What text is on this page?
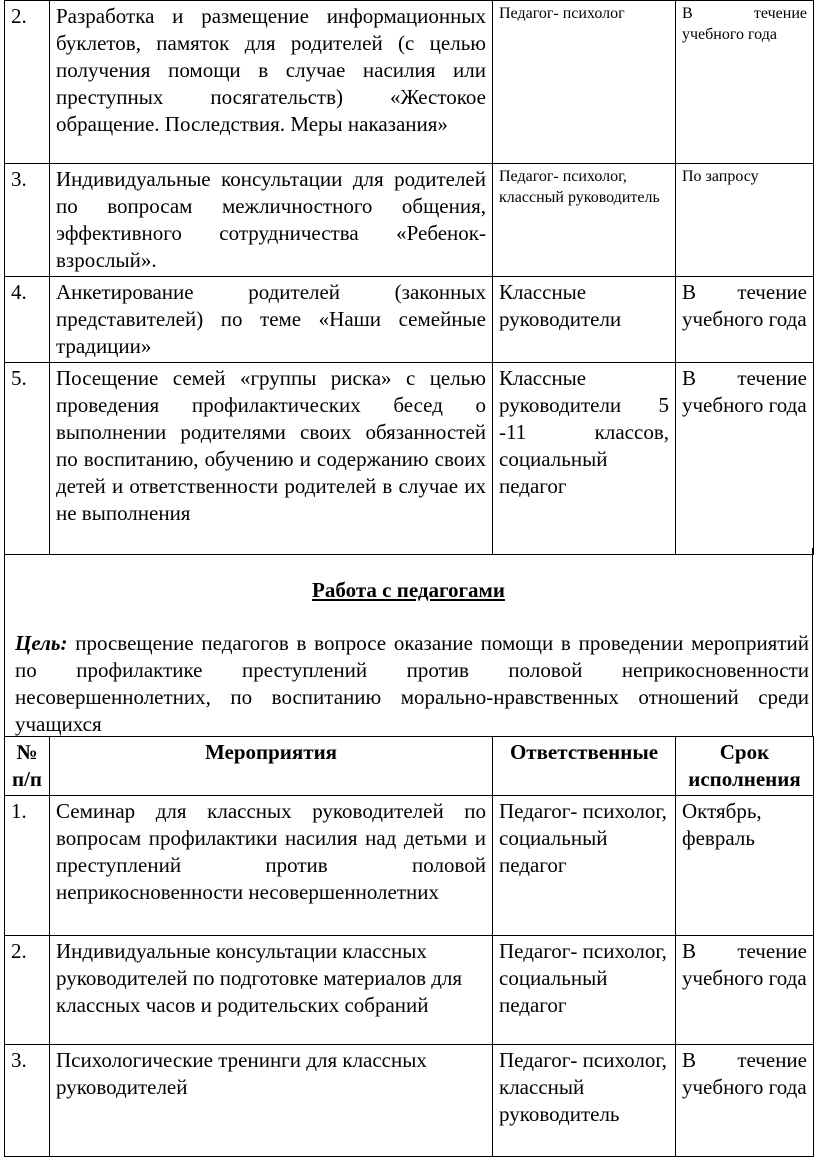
2.	Разработка и размещение информационных буклетов, памяток для родителей (с целью получения помощи в случае насилия или преступных посягательств) «Жестокое обращение. Последствия. Меры наказания»	Педагог- психолог	В течение учебного года
3.	Индивидуальные консультации для родителей по вопросам межличностного общения, эффективного сотрудничества «Ребенок-взрослый».	Педагог- психолог, классный руководитель	По запросу
4.	Анкетирование родителей (законных представителей) по теме «Наши семейные традиции»	Классные руководители	В течение учебного года
5.	Посещение семей «группы риска» с целью проведения профилактических бесед о выполнении родителями своих обязанностей по воспитанию, обучению и содержанию своих детей и ответственности родителей в случае их не выполнения	Классные руководители 5 -11 классов, социальный педагог	В течение учебного года
Работа с педагогами
Цель: просвещение педагогов в вопросе оказание помощи в проведении мероприятий по профилактике преступлений против половой неприкосновенности несовершеннолетних, по воспитанию морально-нравственных отношений среди учащихся
№ п/п	Мероприятия	Ответственные	Срок исполнения
1.	Семинар для классных руководителей по вопросам профилактики насилия над детьми и преступлений против половой неприкосновенности несовершеннолетних	Педагог- психолог, социальный педагог	Октябрь, февраль
2.	Индивидуальные консультации классных руководителей по подготовке материалов для классных часов и родительских собраний	Педагог- психолог, социальный педагог	В течение учебного года
3.	Психологические тренинги для классных руководителей	Педагог- психолог, классный руководитель	В течение учебного года
